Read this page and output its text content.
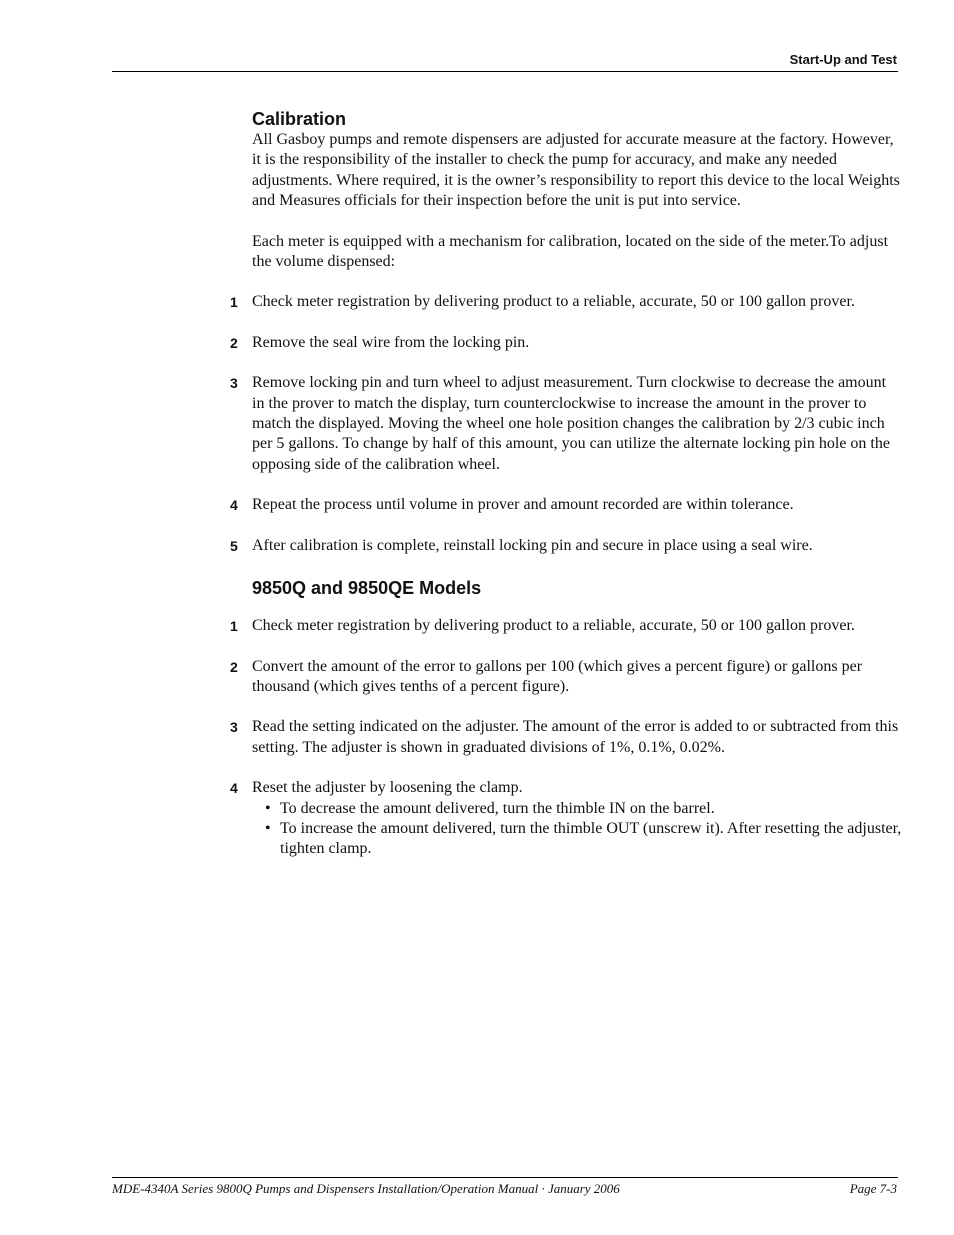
Start-Up and Test
Calibration

All Gasboy pumps and remote dispensers are adjusted for accurate measure at the factory. However, it is the responsibility of the installer to check the pump for accuracy, and make any needed adjustments. Where required, it is the owner’s responsibility to report this device to the local Weights and Measures officials for their inspection before the unit is put into service.

Each meter is equipped with a mechanism for calibration, located on the side of the meter.To adjust the volume dispensed:

1 Check meter registration by delivering product to a reliable, accurate, 50 or 100 gallon prover.

2 Remove the seal wire from the locking pin.

3 Remove locking pin and turn wheel to adjust measurement. Turn clockwise to decrease the amount in the prover to match the display, turn counterclockwise to increase the amount in the prover to match the displayed. Moving the wheel one hole position changes the calibration by 2/3 cubic inch per 5 gallons. To change by half of this amount, you can utilize the alternate locking pin hole on the opposing side of the calibration wheel.

4 Repeat the process until volume in prover and amount recorded are within tolerance.

5 After calibration is complete, reinstall locking pin and secure in place using a seal wire.

9850Q and 9850QE Models
1 Check meter registration by delivering product to a reliable, accurate, 50 or 100 gallon prover.

2 Convert the amount of the error to gallons per 100 (which gives a percent figure) or gallons per thousand (which gives tenths of a percent figure).

3 Read the setting indicated on the adjuster. The amount of the error is added to or subtracted from this setting. The adjuster is shown in graduated divisions of 1%, 0.1%, 0.02%.

4 Reset the adjuster by loosening the clamp.

• To decrease the amount delivered, turn the thimble IN on the barrel.
• To increase the amount delivered, turn the thimble OUT (unscrew it). After resetting the adjuster, tighten clamp.
MDE-4340A Series 9800Q Pumps and Dispensers Installation/Operation Manual · January 2006	Page 7-3
